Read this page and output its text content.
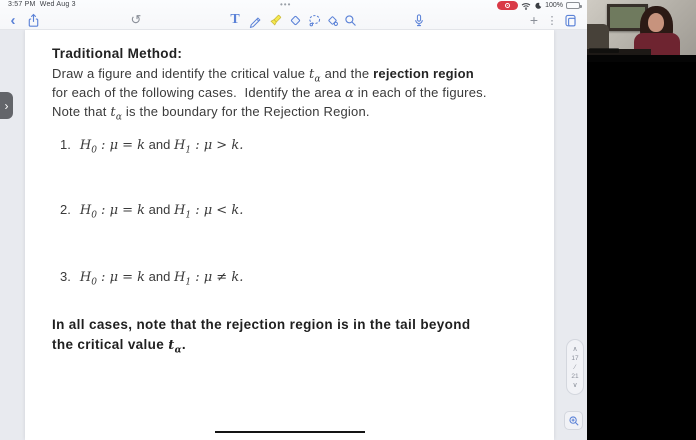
3:57 PM Wed Aug 3	•••	100%
‹	↺	T	+ ⋮
Traditional Method:
Draw a figure and identify the critical value $t_\alpha$ and the rejection region
for each of the following cases.  Identify the area α in each of the figures.
Note that $t_\alpha$ is the boundary for the Rejection Region.
1. $H_0$ : μ = k and $H_1$ : μ > k.
2. $H_0$ : μ = k and $H_1$ : μ < k.
3. $H_0$ : μ = k and $H_1$ : μ ≠ k.
In all cases, note that the rejection region is in the tail beyond
the critical value $t_\alpha$.
›
∧
17
∕
21
∨
